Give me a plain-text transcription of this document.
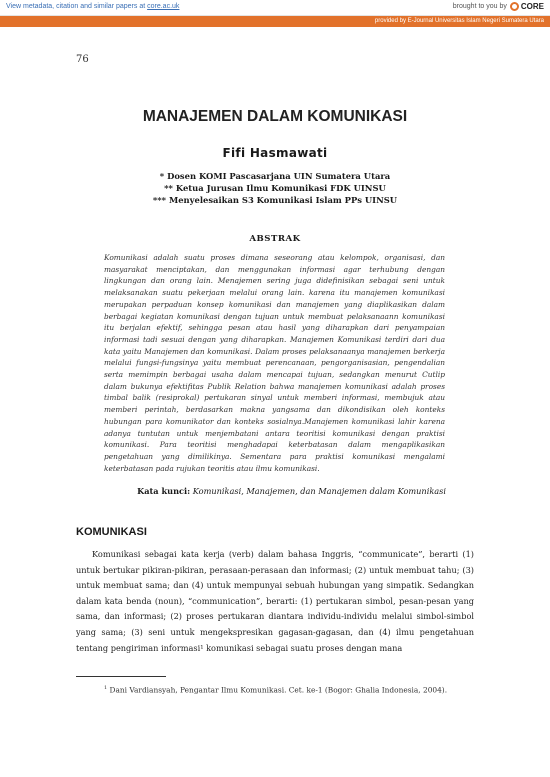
View metadata, citation and similar papers at core.ac.uk	brought to you by CORE
provided by E-Journal Universitas Islam Negeri Sumatera Utara
76
MANAJEMEN DALAM KOMUNIKASI
Fifi Hasmawati
* Dosen KOMI Pascasarjana UIN Sumatera Utara
** Ketua Jurusan Ilmu Komunikasi FDK UINSU
*** Menyelesaikan S3 Komunikasi Islam PPs UINSU
ABSTRAK

Komunikasi adalah suatu proses dimana seseorang atau kelompok, organisasi, dan masyarakat menciptakan, dan menggunakan informasi agar terhubung dengan lingkungan dan orang lain. Menajemen sering juga didefinisikan sebagai seni untuk melaksanakan suatu pekerjaan melalui orang lain. karena itu manajemen komunikasi merupakan perpaduan konsep komunikasi dan manajemen yang diaplikasikan dalam berbagai kegiatan komunikasi dengan tujuan untuk membuat pelaksanaann komunikasi itu berjalan efektif, sehingga pesan atau hasil yang diharapkan dari penyampaian informasi tadi sesuai dengan yang diharapkan. Manajemen Komunikasi terdiri dari dua kata yaitu Manajemen dan komunikasi. Dalam proses pelaksanaanya manajemen berkerja melalui fungsi-fungsinya yaitu membuat perencanaan, pengorganisasian, pengendalian serta memimpin berbagai usaha dalam mencapai tujuan, sedangkan menurut Cutlip dalam bukunya efektifitas Publik Relation bahwa manajemen komunikasi adalah proses timbal balik (resiprokal) pertukaran sinyal untuk memberi informasi, membujuk atau memberi perintah, berdasarkan makna yangsama dan dikondisikan oleh konteks hubungan para komunikator dan konteks sosialnya.Manajemen komunikasi lahir karena adanya tuntutan untuk menjembatani antara teoritisi komunikasi dengan praktisi komunikasi. Para teoritisi menghadapai keterbatasan dalam mengaplikasikan pengetahuan yang dimilikinya. Sementara para praktisi komunikasi mengalami keterbatasan pada rujukan teoritis atau ilmu komunikasi.

Kata kunci: Komunikasi, Manajemen, dan Manajemen dalam Komunikasi
KOMUNIKASI

Komunikasi sebagai kata kerja (verb) dalam bahasa Inggris, “communicate”, berarti (1) untuk bertukar pikiran-pikiran, perasaan-perasaan dan informasi; (2) untuk membuat tahu; (3) untuk membuat sama; dan (4) untuk mempunyai sebuah hubungan yang simpatik. Sedangkan dalam kata benda (noun), “communication”, berarti: (1) pertukaran simbol, pesan-pesan yang sama, dan informasi; (2) proses pertukaran diantara individu-individu melalui simbol-simbol yang sama; (3) seni untuk mengekspresikan gagasan-gagasan, dan (4) ilmu pengetahuan tentang pengiriman informasi¹ komunikasi sebagai suatu proses dengan mana

$^1$ Dani Vardiansyah, Pengantar Ilmu Komunikasi. Cet. ke-1 (Bogor: Ghalia Indonesia, 2004).
